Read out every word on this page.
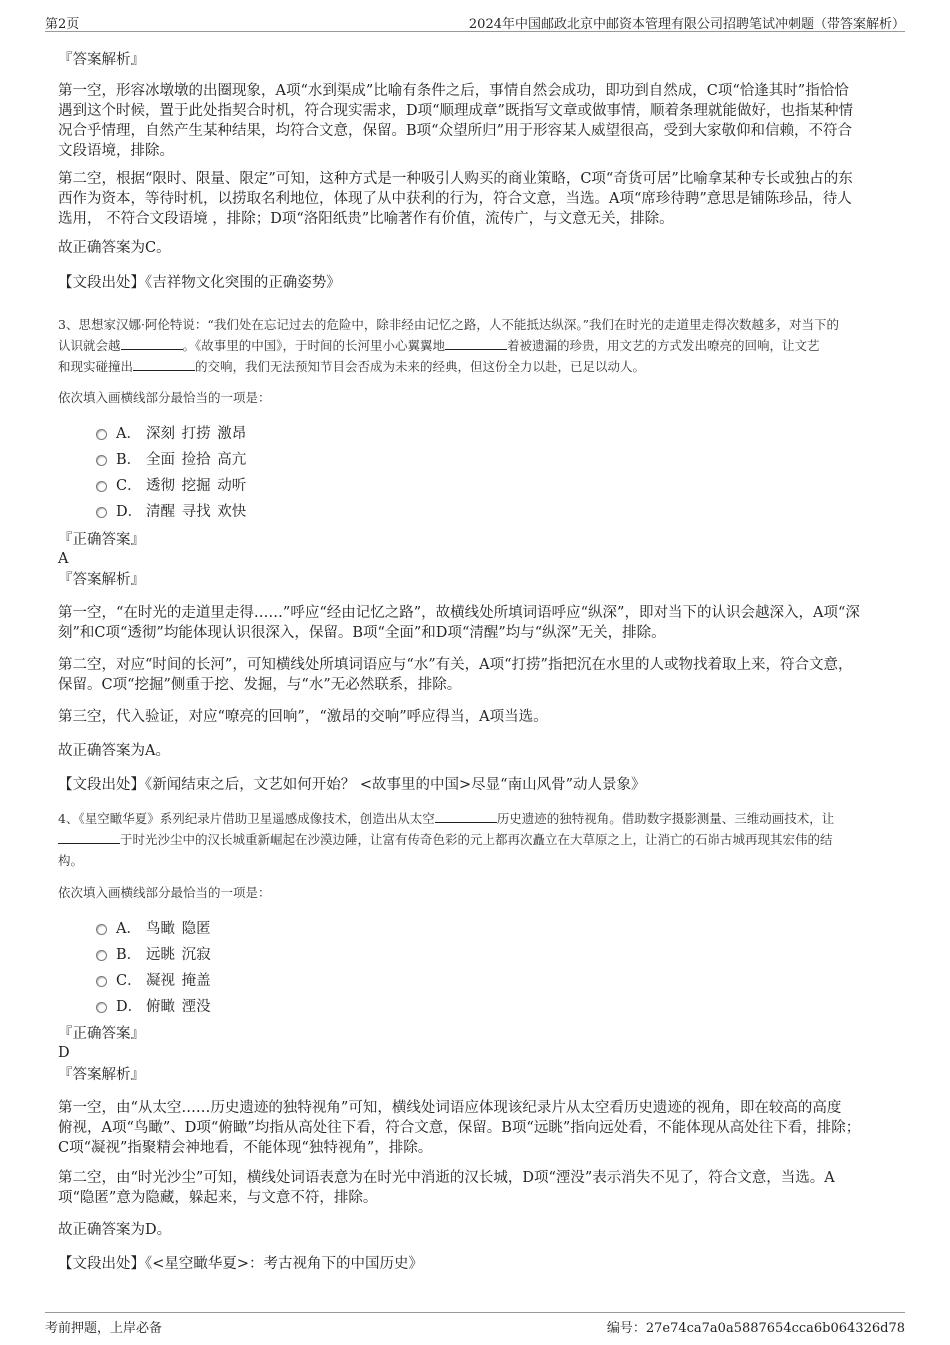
第2页	2024年中国邮政北京中邮资本管理有限公司招聘笔试冲刺题（带答案解析）
『答案解析』
第一空，形容冰墩墩的出圈现象，A项“水到渠成”比喻有条件之后，事情自然会成功，即功到自然成，C项“恰逢其时”指恰恰
遇到这个时候，置于此处指契合时机，符合现实需求，D项“顺理成章”既指写文章或做事情，顺着条理就能做好，也指某种情
况合乎情理，自然产生某种结果，均符合文意，保留。B项“众望所归”用于形容某人威望很高，受到大家敬仰和信赖，不符合
文段语境，排除。
第二空，根据“限时、限量、限定”可知，这种方式是一种吸引人购买的商业策略，C项“奇货可居”比喻拿某种专长或独占的东
西作为资本，等待时机，以捞取名利地位，体现了从中获利的行为，符合文意，当选。A项“席珍待聘”意思是铺陈珍品，待人
选用， 不符合文段语境 ，排除；D项“洛阳纸贵”比喻著作有价值，流传广，与文意无关，排除。
故正确答案为C。
【文段出处】《吉祥物文化突围的正确姿势》
3、思想家汉娜·阿伦特说：“我们处在忘记过去的危险中，除非经由记忆之路，人不能抵达纵深。”我们在时光的走道里走得次数越多，对当下的
认识就会越	。《故事里的中国》，于时间的长河里小心翼翼地	着被遗漏的珍贵，用文艺的方式发出嘹亮的回响，让文艺
和现实碰撞出	的交响，我们无法预知节目会否成为未来的经典，但这份全力以赴，已足以动人。
依次填入画横线部分最恰当的一项是：
A． 深刻 打捞 激昂
B． 全面 捡拾 高亢
C． 透彻 挖掘 动听
D． 清醒 寻找 欢快
『正确答案』
A
『答案解析』
第一空，“在时光的走道里走得……”呼应“经由记忆之路”，故横线处所填词语呼应“纵深”，即对当下的认识会越深入，A项“深
刻”和C项“透彻”均能体现认识很深入，保留。B项“全面”和D项“清醒”均与“纵深”无关，排除。
第二空，对应“时间的长河”，可知横线处所填词语应与“水”有关，A项“打捞”指把沉在水里的人或物找着取上来，符合文意，
保留。C项“挖掘”侧重于挖、发掘，与“水”无必然联系，排除。
第三空，代入验证，对应“嘹亮的回响”，“激昂的交响”呼应得当，A项当选。
故正确答案为A。
【文段出处】《新闻结束之后，文艺如何开始？ <故事里的中国>尽显“南山风骨”动人景象》
4、《星空瞰华夏》系列纪录片借助卫星遥感成像技术，创造出从太空	历史遗迹的独特视角。借助数字摄影测量、三维动画技术，让
于时光沙尘中的汉长城重新崛起在沙漠边陲，让富有传奇色彩的元上都再次矗立在大草原之上，让消亡的石峁古城再现其宏伟的结
构。
依次填入画横线部分最恰当的一项是：
A． 鸟瞰 隐匿
B． 远眺 沉寂
C． 凝视 掩盖
D． 俯瞰 湮没
『正确答案』
D
『答案解析』
第一空，由“从太空……历史遗迹的独特视角”可知，横线处词语应体现该纪录片从太空看历史遗迹的视角，即在较高的高度
俯视，A项“鸟瞰”、D项“俯瞰”均指从高处往下看，符合文意，保留。B项“远眺”指向远处看，不能体现从高处往下看，排除；
C项“凝视”指聚精会神地看，不能体现“独特视角”，排除。
第二空，由“时光沙尘”可知，横线处词语表意为在时光中消逝的汉长城，D项“湮没”表示消失不见了，符合文意，当选。A
项“隐匿”意为隐藏，躲起来，与文意不符，排除。
故正确答案为D。
【文段出处】《<星空瞰华夏>：考古视角下的中国历史》
考前押题，上岸必备	编号：27e74ca7a0a5887654cca6b064326d78
